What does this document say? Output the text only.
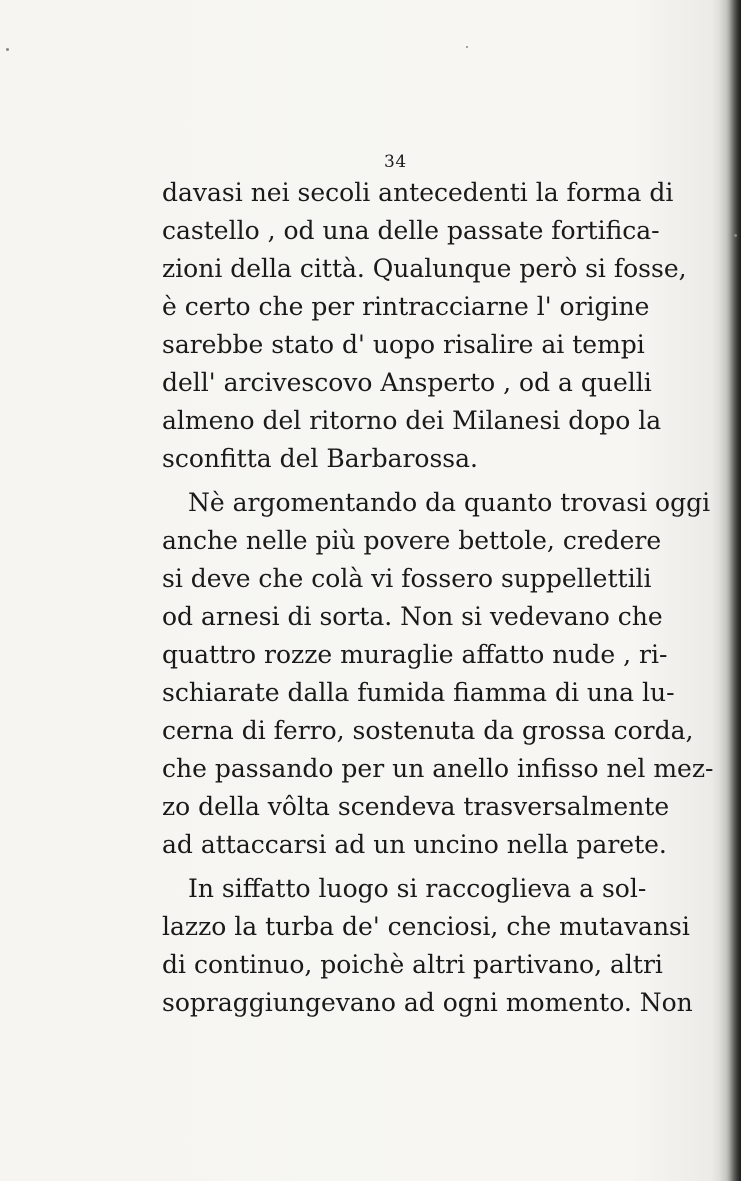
34
davasi nei secoli antecedenti la forma di
castello , od una delle passate fortifica-
zioni della città. Qualunque però si fosse,
è certo che per rintracciarne l' origine
sarebbe stato d' uopo risalire ai tempi
dell' arcivescovo Ansperto , od a quelli
almeno del ritorno dei Milanesi dopo la
sconfitta del Barbarossa.
Nè argomentando da quanto trovasi oggi
anche nelle più povere bettole, credere
si deve che colà vi fossero suppellettili
od arnesi di sorta. Non si vedevano che
quattro rozze muraglie affatto nude , ri-
schiarate dalla fumida fiamma di una lu-
cerna di ferro, sostenuta da grossa corda,
che passando per un anello infisso nel mez-
zo della vôlta scendeva trasversalmente
ad attaccarsi ad un uncino nella parete.
In siffatto luogo si raccoglieva a sol-
lazzo la turba de' cenciosi, che mutavansi
di continuo, poichè altri partivano, altri
sopraggiungevano ad ogni momento. Non
